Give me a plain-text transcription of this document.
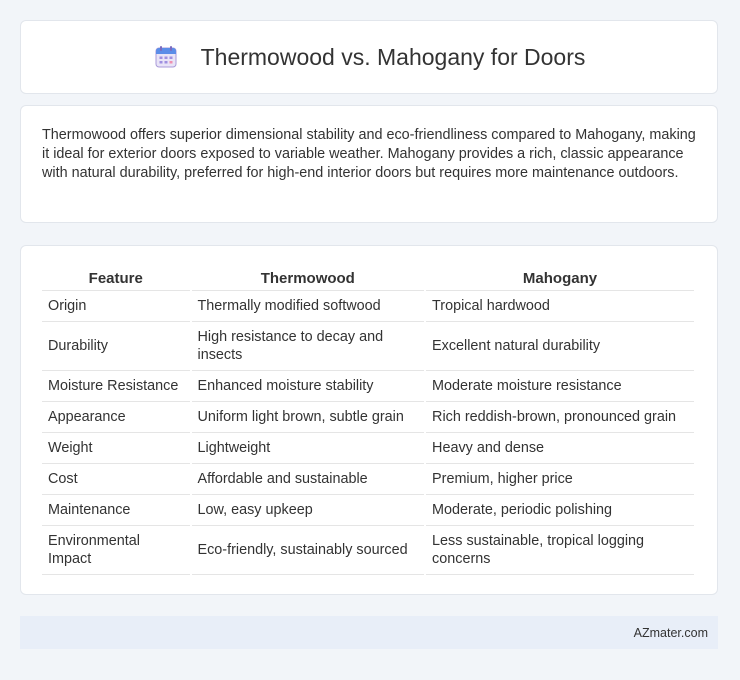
Thermowood vs. Mahogany for Doors

Thermowood offers superior dimensional stability and eco-friendliness compared to Mahogany, making it ideal for exterior doors exposed to variable weather. Mahogany provides a rich, classic appearance with natural durability, preferred for high-end interior doors but requires more maintenance outdoors.

Feature	Thermowood	Mahogany
Origin	Thermally modified softwood	Tropical hardwood
Durability	High resistance to decay and insects	Excellent natural durability
Moisture Resistance	Enhanced moisture stability	Moderate moisture resistance
Appearance	Uniform light brown, subtle grain	Rich reddish-brown, pronounced grain
Weight	Lightweight	Heavy and dense
Cost	Affordable and sustainable	Premium, higher price
Maintenance	Low, easy upkeep	Moderate, periodic polishing
Environmental Impact	Eco-friendly, sustainably sourced	Less sustainable, tropical logging concerns
AZmater.com
